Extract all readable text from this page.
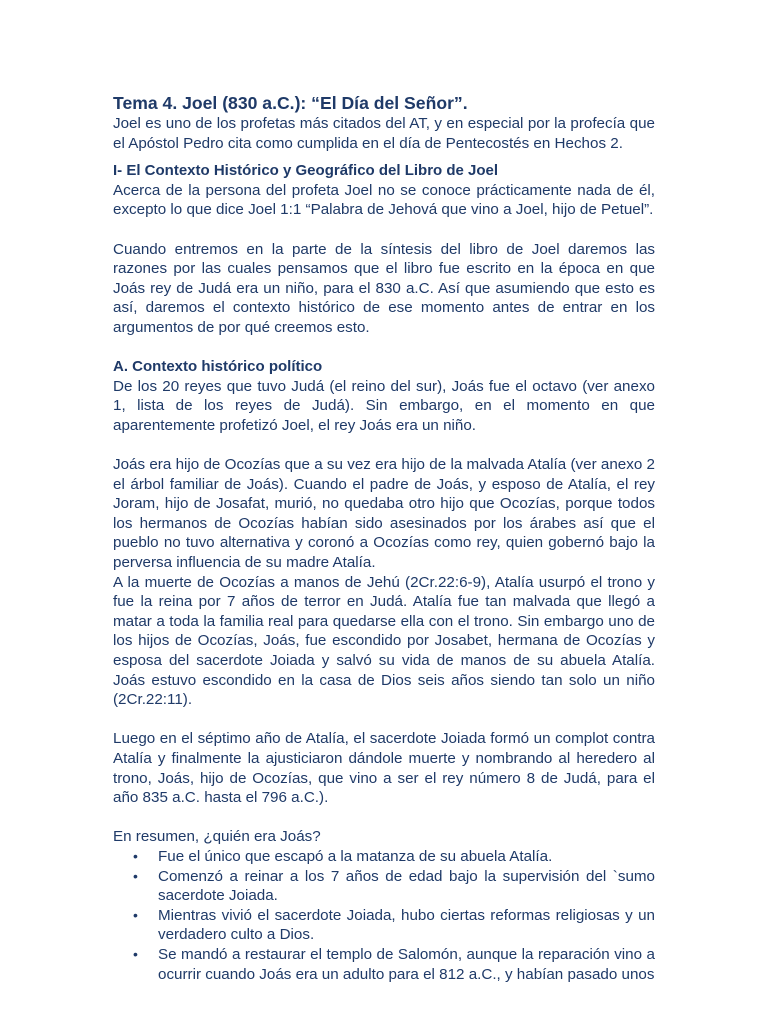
Tema 4. Joel (830 a.C.): “El Día del Señor”.

Joel es uno de los profetas más citados del AT, y en especial por la profecía que el Apóstol Pedro cita como cumplida en el día de Pentecostés en Hechos 2.

I- El Contexto Histórico y Geográfico del Libro de Joel

Acerca de la persona del profeta Joel no se conoce prácticamente nada de él, excepto lo que dice Joel 1:1 “Palabra de Jehová que vino a Joel, hijo de Petuel”.

Cuando entremos en la parte de la síntesis del libro de Joel daremos las razones por las cuales pensamos que el libro fue escrito en la época en que Joás rey de Judá era un niño, para el 830 a.C. Así que asumiendo que esto es así, daremos el contexto histórico de ese momento antes de entrar en los argumentos de por qué creemos esto.

A. Contexto histórico político

De los 20 reyes que tuvo Judá (el reino del sur), Joás fue el octavo (ver anexo 1, lista de los reyes de Judá). Sin embargo, en el momento en que aparentemente profetizó Joel, el rey Joás era un niño.

Joás era hijo de Ocozías que a su vez era hijo de la malvada Atalía (ver anexo 2 el árbol familiar de Joás). Cuando el padre de Joás, y esposo de Atalía, el rey Joram, hijo de Josafat, murió, no quedaba otro hijo que Ocozías, porque todos los hermanos de Ocozías habían sido asesinados por los árabes así que el pueblo no tuvo alternativa y coronó a Ocozías como rey, quien gobernó bajo la perversa influencia de su madre Atalía.

A la muerte de Ocozías a manos de Jehú (2Cr.22:6-9), Atalía usurpó el trono y fue la reina por 7 años de terror en Judá. Atalía fue tan malvada que llegó a matar a toda la familia real para quedarse ella con el trono. Sin embargo uno de los hijos de Ocozías, Joás, fue escondido por Josabet, hermana de Ocozías y esposa del sacerdote Joiada y salvó su vida de manos de su abuela Atalía. Joás estuvo escondido en la casa de Dios seis años siendo tan solo un niño (2Cr.22:11).

Luego en el séptimo año de Atalía, el sacerdote Joiada formó un complot contra Atalía y finalmente la ajusticiaron dándole muerte y nombrando al heredero al trono, Joás, hijo de Ocozías, que vino a ser el rey número 8 de Judá, para el año 835 a.C. hasta el 796 a.C.).

En resumen, ¿quién era Joás?

• Fue el único que escapó a la matanza de su abuela Atalía.
• Comenzó a reinar a los 7 años de edad bajo la supervisión del `sumo sacerdote Joiada.
• Mientras vivió el sacerdote Joiada, hubo ciertas reformas religiosas y un verdadero culto a Dios.
• Se mandó a restaurar el templo de Salomón, aunque la reparación vino a ocurrir cuando Joás era un adulto para el 812 a.C., y habían pasado unos
